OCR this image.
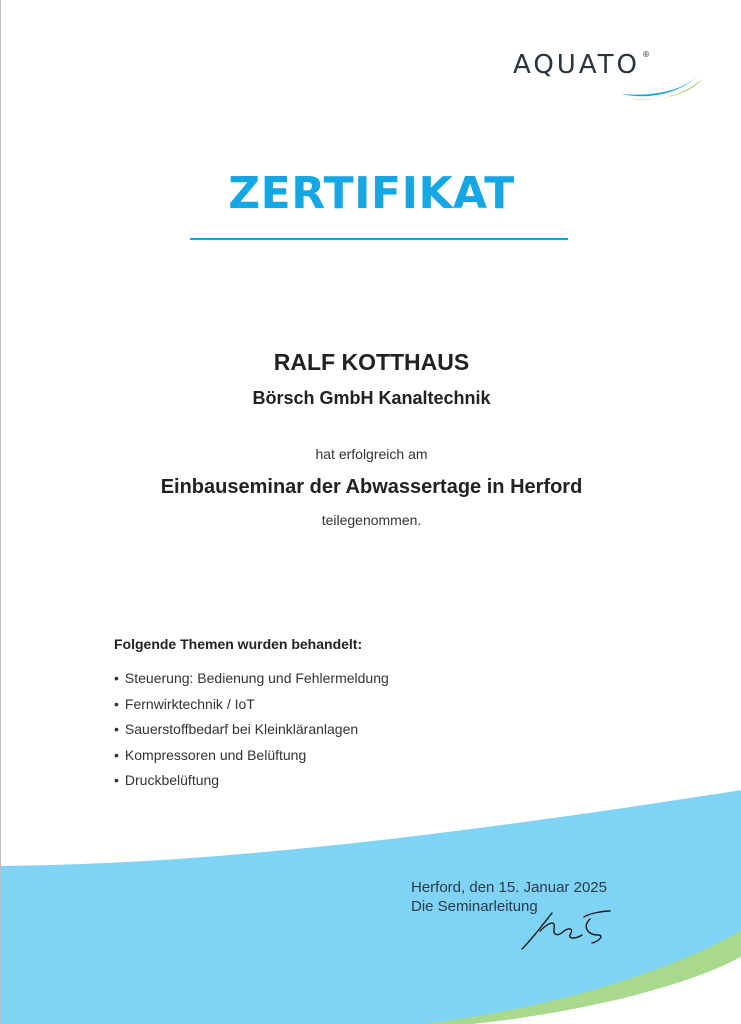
AQUATO ®
ZERTIFIKAT
RALF KOTTHAUS
Börsch GmbH Kanaltechnik
hat erfolgreich am
Einbauseminar der Abwassertage in Herford
teilegenommen.
Folgende Themen wurden behandelt:
• Steuerung: Bedienung und Fehlermeldung
• Fernwirktechnik / IoT
• Sauerstoffbedarf bei Kleinkläranlagen
• Kompressoren und Belüftung
• Druckbelüftung
Herford, den 15. Januar 2025
Die Seminarleitung
